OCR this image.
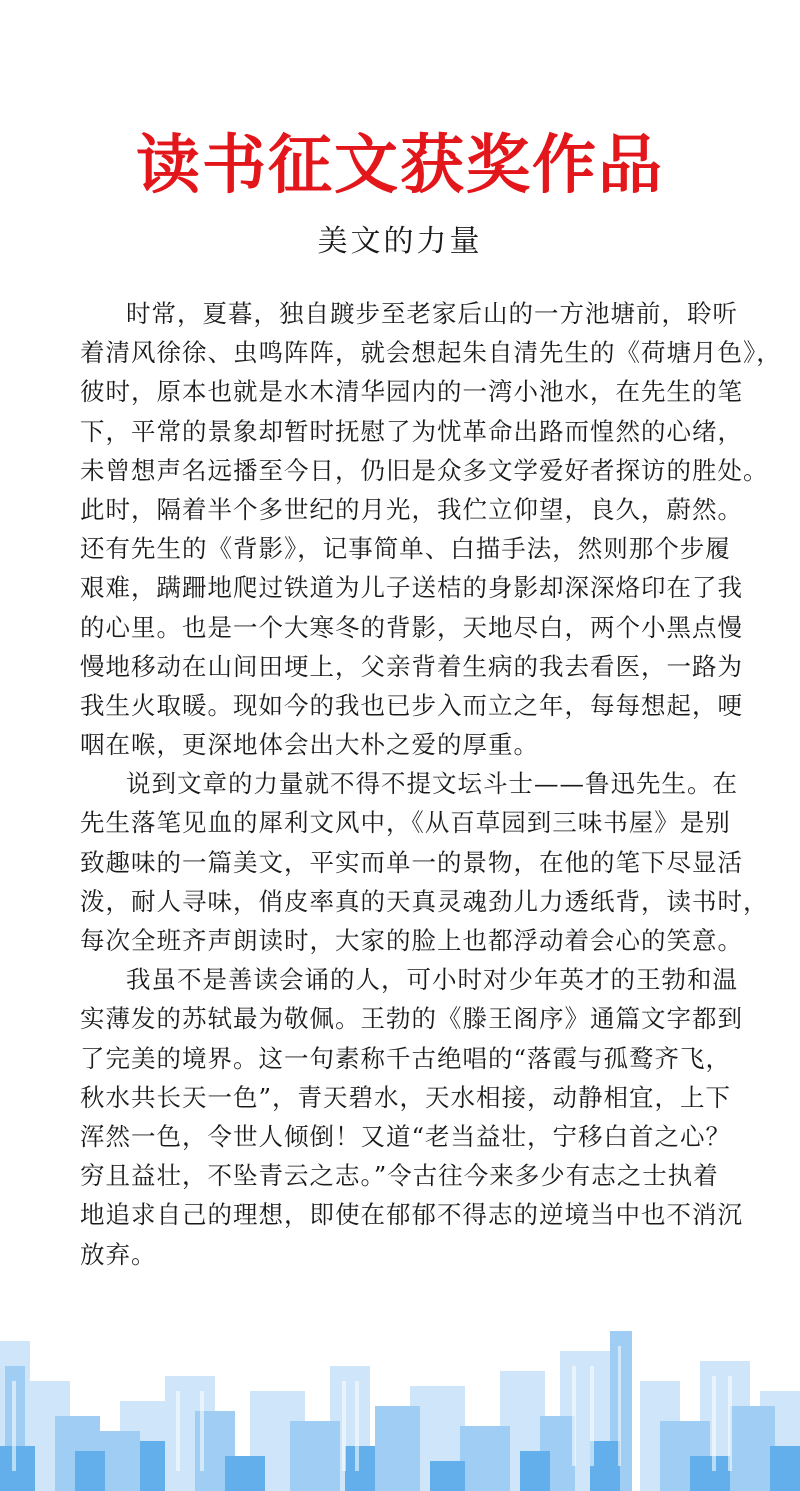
读书征文获奖作品
美文的力量
时常，夏暮，独自踱步至老家后山的一方池塘前，聆听
着清风徐徐、虫鸣阵阵，就会想起朱自清先生的《荷塘月色》，
彼时，原本也就是水木清华园内的一湾小池水，在先生的笔
下，平常的景象却暂时抚慰了为忧革命出路而惶然的心绪，
未曾想声名远播至今日，仍旧是众多文学爱好者探访的胜处。
此时，隔着半个多世纪的月光，我伫立仰望，良久，蔚然。
还有先生的《背影》，记事简单、白描手法，然则那个步履
艰难，蹒跚地爬过铁道为儿子送桔的身影却深深烙印在了我
的心里。也是一个大寒冬的背影，天地尽白，两个小黑点慢
慢地移动在山间田埂上，父亲背着生病的我去看医，一路为
我生火取暖。现如今的我也已步入而立之年，每每想起，哽
咽在喉，更深地体会出大朴之爱的厚重。
说到文章的力量就不得不提文坛斗士——鲁迅先生。在
先生落笔见血的犀利文风中，《从百草园到三味书屋》是别
致趣味的一篇美文，平实而单一的景物，在他的笔下尽显活
泼，耐人寻味，俏皮率真的天真灵魂劲儿力透纸背，读书时，
每次全班齐声朗读时，大家的脸上也都浮动着会心的笑意。
我虽不是善读会诵的人，可小时对少年英才的王勃和温
实薄发的苏轼最为敬佩。王勃的《滕王阁序》通篇文字都到
了完美的境界。这一句素称千古绝唱的“落霞与孤鹜齐飞，
秋水共长天一色”，青天碧水，天水相接，动静相宜，上下
浑然一色，令世人倾倒！又道“老当益壮，宁移白首之心？
穷且益壮，不坠青云之志。”令古往今来多少有志之士执着
地追求自己的理想，即使在郁郁不得志的逆境当中也不消沉
放弃。
